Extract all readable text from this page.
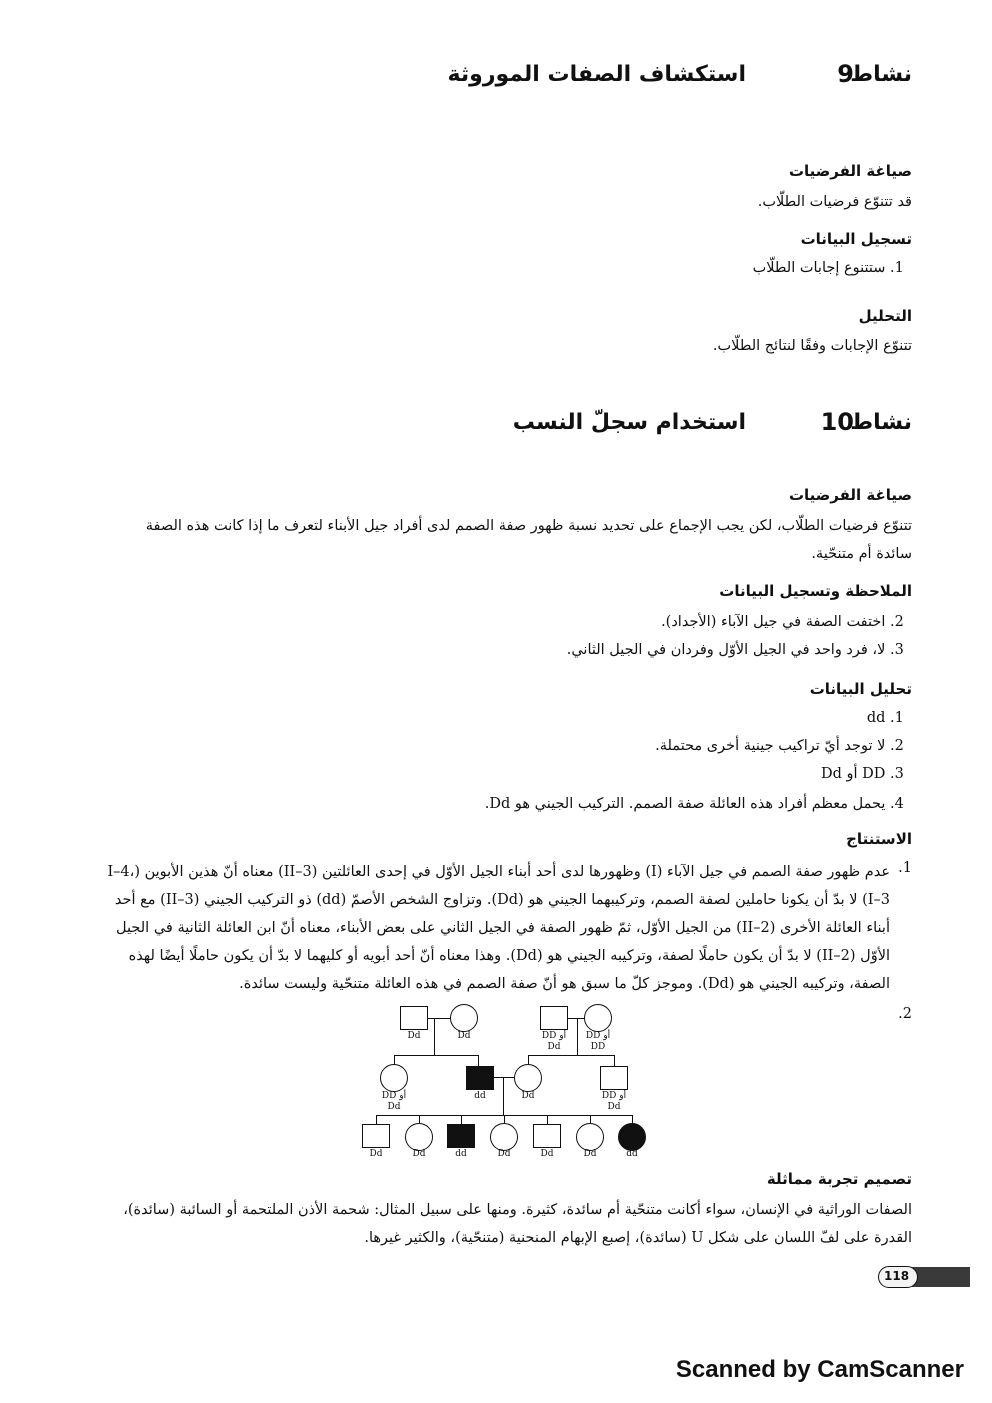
نشاط
9
استكشاف الصفات الموروثة
صياغة الفرضيات
قد تتنوّع فرضيات الطلّاب.
تسجيل البيانات
1. ستتنوع إجابات الطلّاب
التحليل
تتنوّع الإجابات وفقًا لنتائج الطلّاب.
نشاط
10
استخدام سجلّ النسب
صياغة الفرضيات
تتنوّع فرضيات الطلّاب، لكن يجب الإجماع على تحديد نسبة ظهور صفة الصمم لدى أفراد جيل الأبناء لتعرف ما إذا كانت هذه الصفة سائدة أم متنحّية.
الملاحظة وتسجيل البيانات
2. اختفت الصفة في جيل الآباء (الأجداد).
3. لا، فرد واحد في الجيل الأوّل وفردان في الجيل الثاني.
تحليل البيانات
1. dd
2. لا توجد أيّ تراكيب جينية أخرى محتملة.
3. DD أو Dd
4. يحمل معظم أفراد هذه العائلة صفة الصمم. التركيب الجيني هو Dd.
الاستنتاج
1.
عدم ظهور صفة الصمم في جيل الآباء (I) وظهورها لدى أحد أبناء الجيل الأوّل في إحدى العائلتين (II–3) معناه أنّ هذين الأبوين (I–4، I–3) لا بدّ أن يكونا حاملين لصفة الصمم، وتركيبهما الجيني هو (Dd). وتزاوج الشخص الأصمّ (dd) ذو التركيب الجيني (II–3) مع أحد أبناء العائلة الأخرى (II–2) من الجيل الأوّل، ثمّ ظهور الصفة في الجيل الثاني على بعض الأبناء، معناه أنّ ابن العائلة الثانية في الجيل الأوّل (II–2) لا بدّ أن يكون حاملًا لصفة، وتركيبه الجيني هو (Dd). وهذا معناه أنّ أحد أبويه أو كليهما لا بدّ أن يكون حاملًا أيضًا لهذه الصفة، وتركيبه الجيني هو (Dd). وموجز كلّ ما سبق هو أنّ صفة الصمم في هذه العائلة متنحّية وليست سائدة.
2.
Dd	Dd	DD أو
Dd
DD أو
DD
DD أو
Dd
dd	Dd	DD أو
Dd
Dd	Dd	dd	Dd	Dd	Dd	dd
تصميم تجربة مماثلة
الصفات الوراثية في الإنسان، سواء أكانت متنحّية أم سائدة، كثيرة. ومنها على سبيل المثال: شحمة الأذن الملتحمة أو السائبة (سائدة)، القدرة على لفّ اللسان على شكل U (سائدة)، إصبع الإبهام المنحنية (متنحّية)، والكثير غيرها.
118
Scanned by CamScanner
